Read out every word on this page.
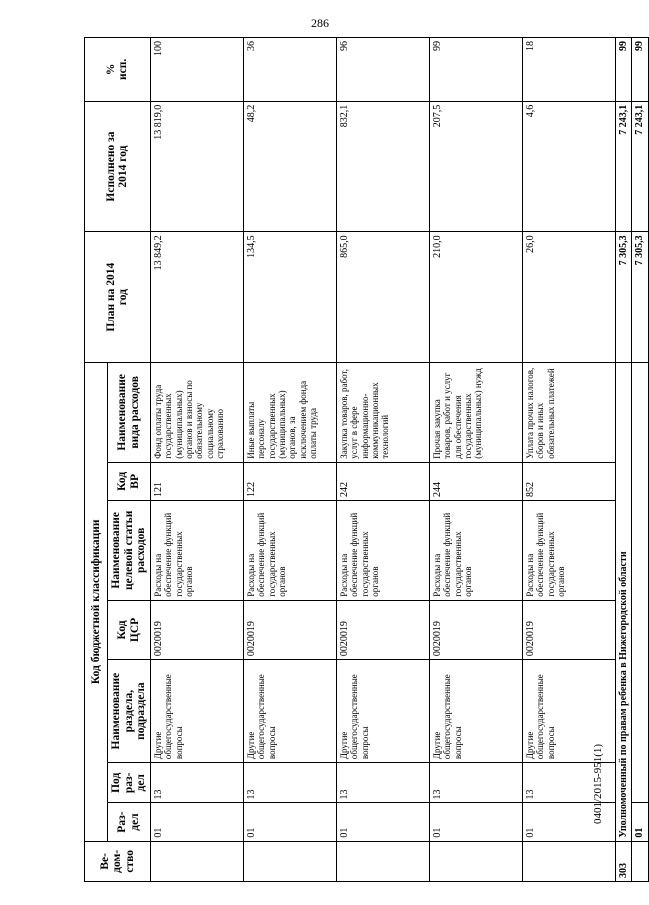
286
0401/2015-951(1)
Ве-
дом-
ство	Код бюджетной классификации							План на 2014
год	Исполнено за
2014 год	%
исп.
	Раз-
дел	Под
раз-
дел	Наименование
раздела,
подраздела	Код
ЦСР	Наименование
целевой статьи
расходов	Код
ВР	Наименование
вида расходов			
	01	13	Другие общегосударственные вопросы	0020019	Расходы на обеспечение функций государственных органов	121	Фонд оплаты труда государственных (муниципальных) органов и взносы по обязательному социальному страхованию	13 849,2	13 819,0	100
	01	13	Другие общегосударственные вопросы	0020019	Расходы на обеспечение функций государственных органов	122	Иные выплаты персоналу государственных (муниципальных) органов, за исключением фонда оплаты труда	134,5	48,2	36
	01	13	Другие общегосударственные вопросы	0020019	Расходы на обеспечение функций государственных органов	242	Закупка товаров, работ, услуг в сфере информационно-коммуникационных технологий	865,0	832,1	96
	01	13	Другие общегосударственные вопросы	0020019	Расходы на обеспечение функций государственных органов	244	Прочая закупка товаров, работ и услуг для обеспечения государственных (муниципальных) нужд	210,0	207,5	99
	01	13	Другие общегосударственные вопросы	0020019	Расходы на обеспечение функций государственных органов	852	Уплата прочих налогов, сборов и иных обязательных платежей	26,0	4,6	18
303	Уполномоченный по правам ребенка в Нижегородской области							7 305,3	7 243,1	99
	01							7 305,3	7 243,1	99
